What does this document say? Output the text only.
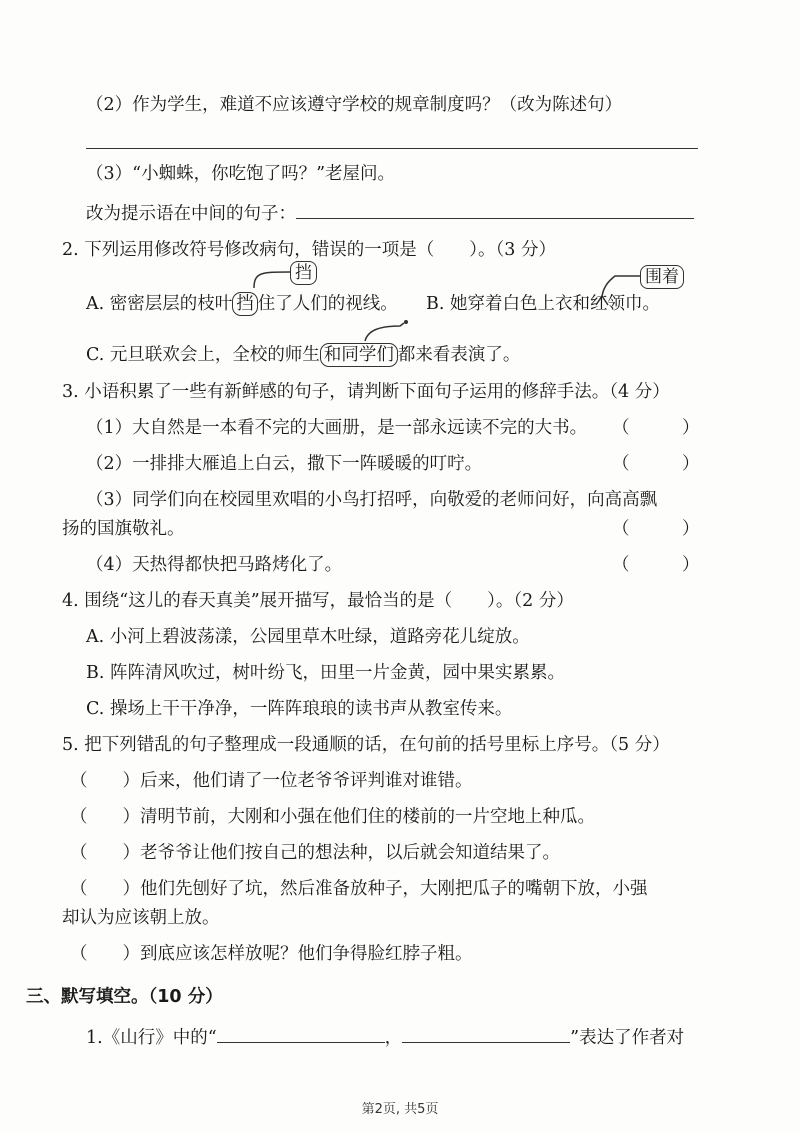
（2）作为学生，难道不应该遵守学校的规章制度吗？（改为陈述句）
（3）“小蜘蛛，你吃饱了吗？”老屋问。
改为提示语在中间的句子：
2. 下列运用修改符号修改病句，错误的一项是（　　）。（3 分）
挡	围着
A. 密密层层的枝叶 挡 住了人们的视线。 B. 她穿着白色上衣和红领巾。
C. 元旦联欢会上，全校的师生 和同学们 都来看表演了。
3. 小语积累了一些有新鲜感的句子，请判断下面句子运用的修辞手法。（4 分）
（1）大自然是一本看不完的大画册，是一部永远读不完的大书。 （　　　）
（2）一排排大雁追上白云，撒下一阵暖暖的叮咛。	（　　　）
（3）同学们向在校园里欢唱的小鸟打招呼，向敬爱的老师问好，向高高飘
扬的国旗敬礼。	（　　　）
（4）天热得都快把马路烤化了。	（　　　）
4. 围绕“这儿的春天真美”展开描写，最恰当的是（　　）。（2 分）
A. 小河上碧波荡漾，公园里草木吐绿，道路旁花儿绽放。
B. 阵阵清风吹过，树叶纷飞，田里一片金黄，园中果实累累。
C. 操场上干干净净，一阵阵琅琅的读书声从教室传来。
5. 把下列错乱的句子整理成一段通顺的话，在句前的括号里标上序号。（5 分）
（　　）后来，他们请了一位老爷爷评判谁对谁错。
（　　）清明节前，大刚和小强在他们住的楼前的一片空地上种瓜。
（　　）老爷爷让他们按自己的想法种，以后就会知道结果了。
（　　）他们先刨好了坑，然后准备放种子，大刚把瓜子的嘴朝下放，小强
却认为应该朝上放。
（　　）到底应该怎样放呢？他们争得脸红脖子粗。
三、默写填空。（10 分）
1.《山行》中的“	，	”表达了作者对
第2页, 共5页
